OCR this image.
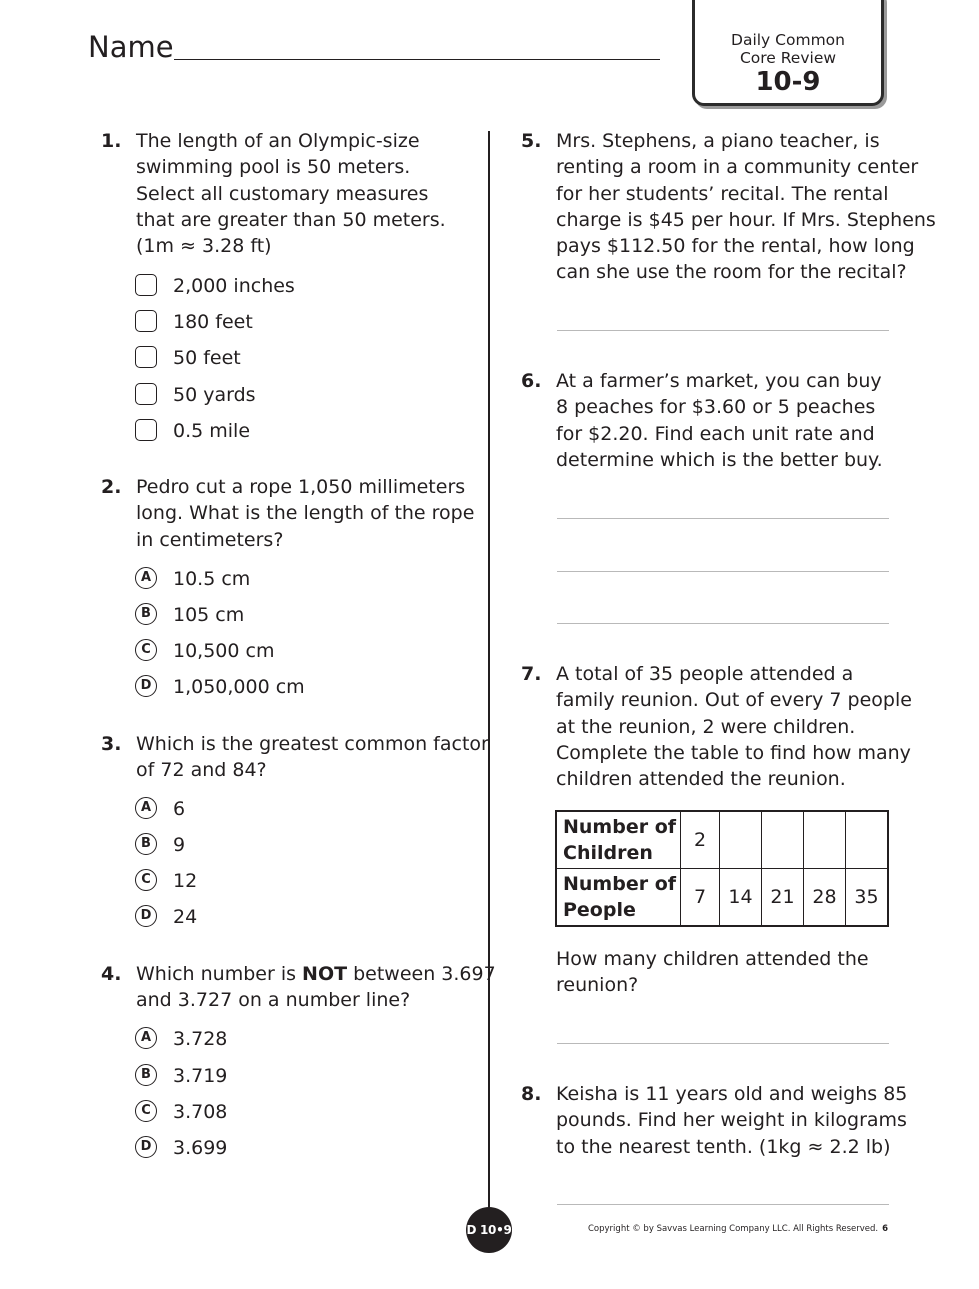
Name	Daily Common
Core Review
10-9
1. The length of an Olympic-size
swimming pool is 50 meters.
Select all customary measures
that are greater than 50 meters.
(1m ≈ 3.28 ft)
2,000 inches
180 feet
50 feet
50 yards
0.5 mile
2. Pedro cut a rope 1,050 millimeters
long. What is the length of the rope
in centimeters?
A	10.5 cm
B	105 cm
C	10,500 cm
D 1,050,000 cm
3. Which is the greatest common factor
of 72 and 84?
A	6
B	9
C	12
D 24
4. Which number is NOT between 3.697
and 3.727 on a number line?
A	3.728
B	3.719
C	3.708
D 3.699
5. Mrs. Stephens, a piano teacher, is
renting a room in a community center
for her students’ recital. The rental
charge is $45 per hour. If Mrs. Stephens
pays $112.50 for the rental, how long
can she use the room for the recital?
6. At a farmer’s market, you can buy
8 peaches for $3.60 or 5 peaches
for $2.20. Find each unit rate and
determine which is the better buy.
7. A total of 35 people attended a
family reunion. Out of every 7 people
at the reunion, 2 were children.
Complete the table to find how many
children attended the reunion.
Number of
Children	2				

Number of
People	7	14	21	28	35
How many children attended the
reunion?
8. Keisha is 11 years old and weighs 85
pounds. Find her weight in kilograms
to the nearest tenth. (1kg ≈ 2.2 lb)
D 10•9	Copyright © by Savvas Learning Company LLC. All Rights Reserved. 6
